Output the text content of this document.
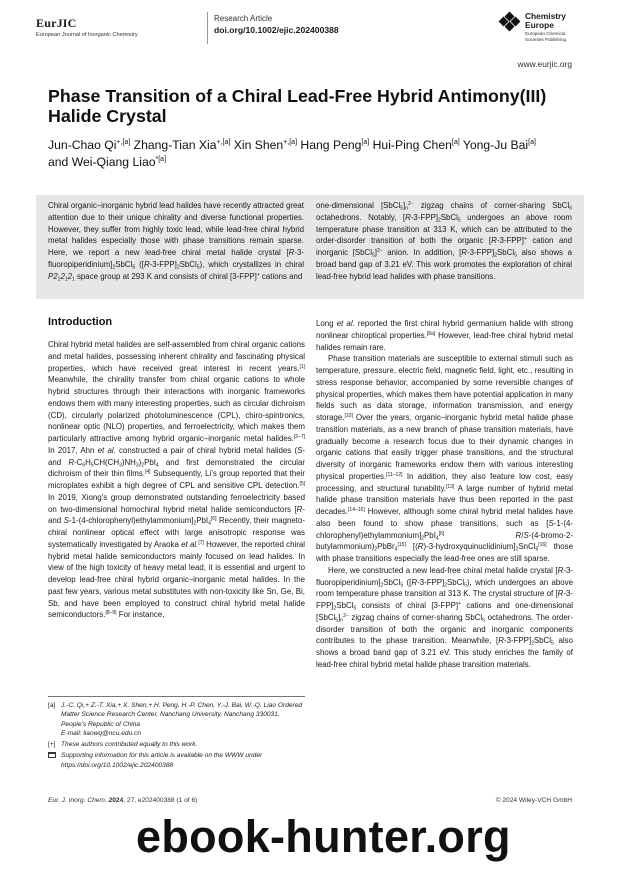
EurJIC
European Journal of Inorganic Chemistry
Research Article
doi.org/10.1002/ejic.202400388
Chemistry
Europe
European Chemical
Societies Publishing
www.eurjic.org
Phase Transition of a Chiral Lead-Free Hybrid Antimony(III) Halide Crystal
Jun-Chao $Qi^{+,[a]}$ Zhang-Tian Xia$^{+,[a]}$ Xin Shen$^{+,[a]}$ Hang Peng[a] Hui-Ping Chen[a] Yong-Ju Bai[a]
and Wei-Qiang Liao$^{*[a]}$
Chiral organic–inorganic hybrid lead halides have recently attracted great attention due to their unique chirality and diverse functional properties. However, they suffer from highly toxic lead, while lead-free chiral hybrid metal halides especially those with phase transitions remain sparse. Here, we report a new lead-free chiral metal halide crystal $[R-3-fluoropiperidinium]_2SbCl_5$ $([R-3-FPP]_2SbCl_5)$, which crystallizes in chiral $P2_12_12_1$ space group at 293 K and consists of chiral [3-FPP]+ cations and
one-dimensional $[SbCl_5]_n^{2-}$ zigzag chains of corner-sharing SbCl$_6$ octahedrons. Notably, $[R-3-FPP]_2SbCl_5$ undergoes an above room temperature phase transition at 313 K, which can be attributed to the order-disorder transition of both the organic [R-3-FPP]+ cation and inorganic [SbCl$_5$]$^{2-}$ anion. In addition, $[R-3-FPP]_2SbCl_5$ also shows a broad band gap of 3.21 eV. This work promotes the exploration of chiral lead-free hybrid lead halides with phase transitions.
Introduction

Chiral hybrid metal halides are self-assembled from chiral organic cations and metal halides, possessing inherent chirality and fascinating physical properties, which have received great interest in recent years.[1] Meanwhile, the chirality transfer from chiral organic cations to whole hybrid structures through their interactions with inorganic frameworks endows them with many interesting properties, such as circular dichroism (CD), circularly polarized photoluminescence (CPL), chiro-spintronics, nonlinear optic (NLO) properties, and ferroelectricity, which makes them particularly attractive among hybrid organic–inorganic metal halides.[2–7] In 2017, Ahn et al. constructed a pair of chiral hybrid metal halides (S- and $R-C_6H_5CH(CH_3)NH_3)_2PbI_4$ and first demonstrated the circular dichroism of their thin films.[4] Subsequently, Li’s group reported that their microplates exhibit a high degree of CPL and sensitive CPL detection.[5] In 2019, Xiong’s group demonstrated outstanding ferroelectricity based on two-dimensional homochiral hybrid metal halide semiconductors [R- and $S-1-(4-chlorophenyl)ethylammonium]_2PbI_4[6]$ Recently, their magneto-chiral nonlinear optical effect with large anisotropic response was systematically investigated by Araoka et al.[7] However, the reported chiral hybrid metal halide semiconductors mainly focused on lead halides. In view of the high toxicity of heavy metal lead, it is essential and urgent to develop lead-free chiral hybrid organic–inorganic metal halides. In the past few years, various metal substitutes with non-toxicity like Sn, Ge, Bi, Sb, and have been employed to construct chiral hybrid metal halide semiconductors.[8–9] For instance,

Long et al. reported the first chiral hybrid germanium halide with strong nonlinear chiroptical properties.[8a] However, lead-free chiral hybrid metal halides remain rare.

Phase transition materials are susceptible to external stimuli such as temperature, pressure, electric field, magnetic field, light, etc., resulting in stress response behavior, accompanied by some reversible changes of physical properties, which makes them have potential application in many fields such as data storage, information transmission, and energy storage.[10] Over the years, organic–inorganic hybrid metal halide phase transition materials, as a new branch of phase transition materials, have gradually become a research focus due to their dynamic changes in organic cations that easily trigger phase transitions, and the structural diversity of inorganic frameworks endow them with various interesting physical properties.[11–12] In addition, they also feature low cost, easy processing, and structural tunability.[13] A large number of hybrid metal halide phase transition materials have thus been reported in the past decades.[14–16] However, although some chiral hybrid metal halides have also been found to show phase transitions, such as $[S-1-(4-chlorophenyl)ethylammonium]_2PbI_4[6]$	$R/S-(4-bromo-2-butylammonium)_2PbBr_4[15]$ $[(R)-3-hydroxyquinuclidinium]_2SnCl_6[16]$ those with phase transitions especially the lead-free ones are still sparse.

Here, we constructed a new lead-free chiral metal halide crystal $[R-3-fluoropiperidinium]_2SbCl_5$ $([R-3-FPP]_2SbCl_5)$, which undergoes an above room temperature phase transition at 313 K. The crystal structure of $[R-3-FPP]_2SbCl_5$ consists of chiral [3-FPP]+ cations and one-dimensional $[SbCl_5]_n^{2-}$ zigzag chains of corner-sharing SbCl$_6$ octahedrons. The order-disorder transition of both the organic and inorganic components contributes to the phase transition. Meanwhile, $[R-3-FPP]_2SbCl_5$ also shows a broad band gap of 3.21 eV. This study enriches the family of lead-free chiral hybrid metal halide phase transition materials.

[a] J.-C. Qi,+ Z.-T. Xia,+ X. Shen,+ H. Peng, H.-P. Chen, Y.-J. Bai, W.-Q. Liao Ordered Matter Science Research Center, Nanchang University, Nanchang 330031, People’s Republic of China
E-mail: liaowq@ncu.edu.cn
[+] These authors contributed equally to this work.
Supporting information for this article is available on the WWW under https://doi.org/10.1002/ejic.202400388
Eur. J. Inorg. Chem. 2024, 27, e202400388 (1 of 6)	© 2024 Wiley-VCH GmbH
ebook-hunter.org
